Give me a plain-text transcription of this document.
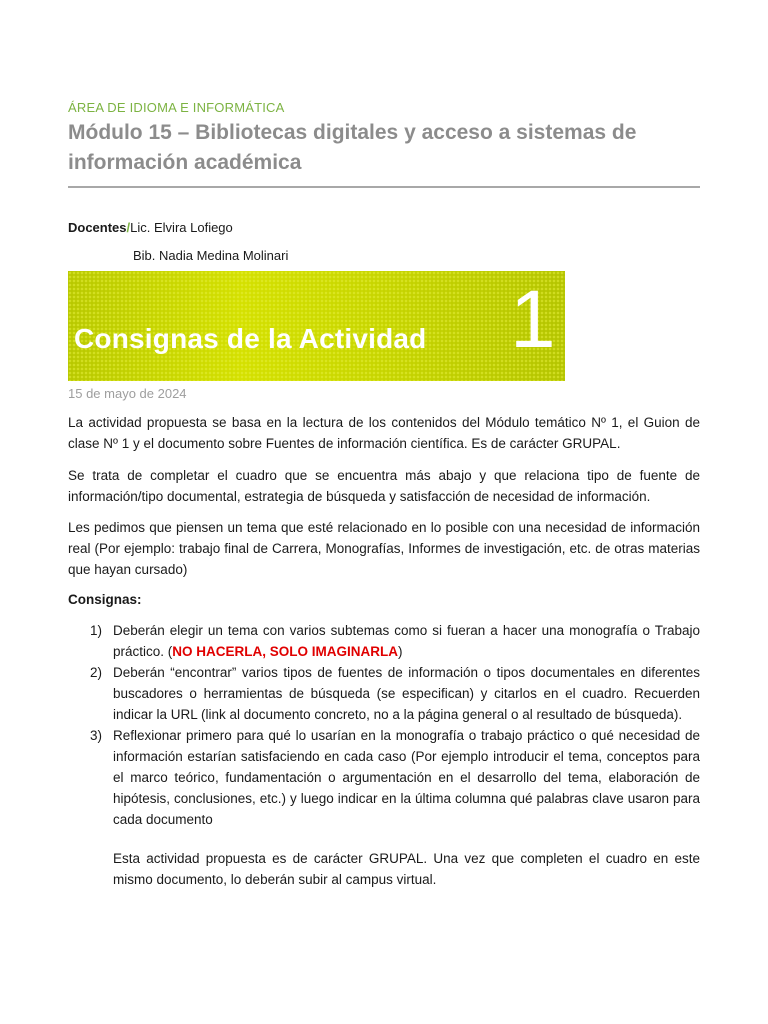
ÁREA DE IDIOMA E INFORMÁTICA
Módulo 15 – Bibliotecas digitales y acceso a sistemas de información académica
Docentes/Lic. Elvira Lofiego
Bib. Nadia Medina Molinari
Consignas de la Actividad 1
15 de mayo de 2024
La actividad propuesta se basa en la lectura de los contenidos del Módulo temático Nº 1, el Guion de clase Nº 1 y el documento sobre Fuentes de información científica. Es de carácter GRUPAL.
Se trata de completar el cuadro que se encuentra más abajo y que relaciona tipo de fuente de información/tipo documental, estrategia de búsqueda y satisfacción de necesidad de información.
Les pedimos que piensen un tema que esté relacionado en lo posible con una necesidad de información real (Por ejemplo: trabajo final de Carrera, Monografías, Informes de investigación, etc. de otras materias que hayan cursado)
Consignas:
1) Deberán elegir un tema con varios subtemas como si fueran a hacer una monografía o Trabajo práctico. (NO HACERLA, SOLO IMAGINARLA)
2) Deberán “encontrar” varios tipos de fuentes de información o tipos documentales en diferentes buscadores o herramientas de búsqueda (se especifican) y citarlos en el cuadro. Recuerden indicar la URL (link al documento concreto, no a la página general o al resultado de búsqueda).
3) Reflexionar primero para qué lo usarían en la monografía o trabajo práctico o qué necesidad de información estarían satisfaciendo en cada caso (Por ejemplo introducir el tema, conceptos para el marco teórico, fundamentación o argumentación en el desarrollo del tema, elaboración de hipótesis, conclusiones, etc.) y luego indicar en la última columna qué palabras clave usaron para cada documento
Esta actividad propuesta es de carácter GRUPAL. Una vez que completen el cuadro en este mismo documento, lo deberán subir al campus virtual.
